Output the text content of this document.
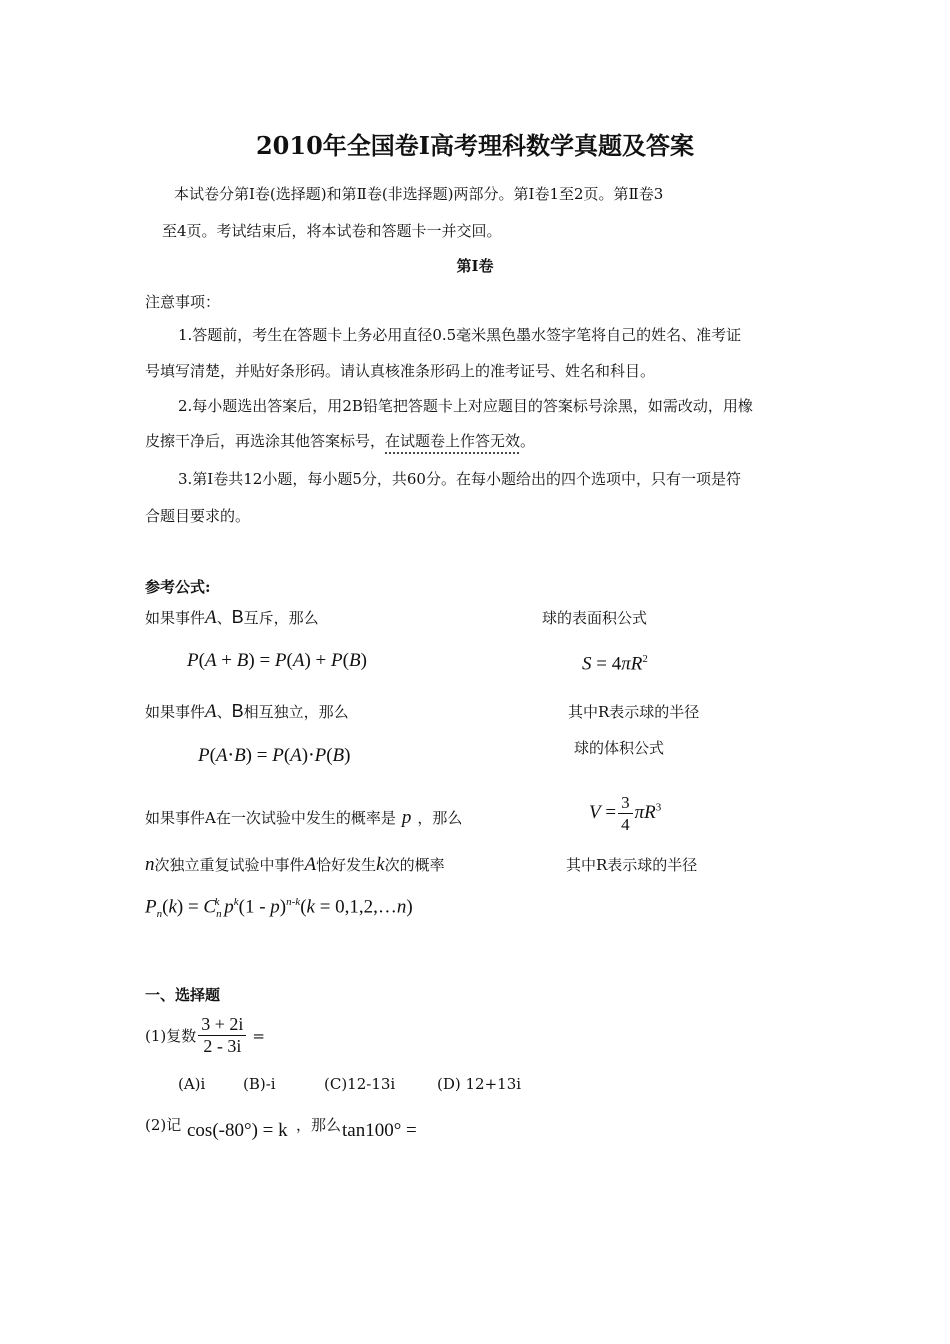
2010年全国卷Ⅰ高考理科数学真题及答案
本试卷分第Ⅰ卷(选择题)和第Ⅱ卷(非选择题)两部分。第Ⅰ卷1至2页。第Ⅱ卷3
至4页。考试结束后，将本试卷和答题卡一并交回。
第Ⅰ卷
注意事项：
1.答题前，考生在答题卡上务必用直径0.5毫米黑色墨水签字笔将自己的姓名、准考证
号填写清楚，并贴好条形码。请认真核准条形码上的准考证号、姓名和科目。
2.每小题选出答案后，用2B铅笔把答题卡上对应题目的答案标号涂黑，如需改动，用橡
皮擦干净后，再选涂其他答案标号，在试题卷上作答无效。
3.第Ⅰ卷共12小题，每小题5分，共60分。在每小题给出的四个选项中，只有一项是符
合题目要求的。
参考公式:
如果事件A、B互斥，那么
P(A + B) = P(A) + P(B)
如果事件A、B相互独立，那么
P(A⋅B) = P(A)⋅P(B)
如果事件A在一次试验中发生的概率是 p ，那么
n次独立重复试验中事件A恰好发生k次的概率
$P_n(k) = C_n^k$ $p^k(1 - p)^{n-k}(k$ = 0,1,2,…n)
球的表面积公式
$S = 4\pi R^2$
其中R表示球的半径
球的体积公式
$V = \frac{3}{4} \pi R^3$
其中R表示球的半径
一、选择题
(1)复数 $\frac{3 + 2i}{2 - 3i}$ =
(A)i	(B)-i	(C)12-13i	(D) 12+13i
(2)记 cos(-80°) = k ，那么 tan100° =
